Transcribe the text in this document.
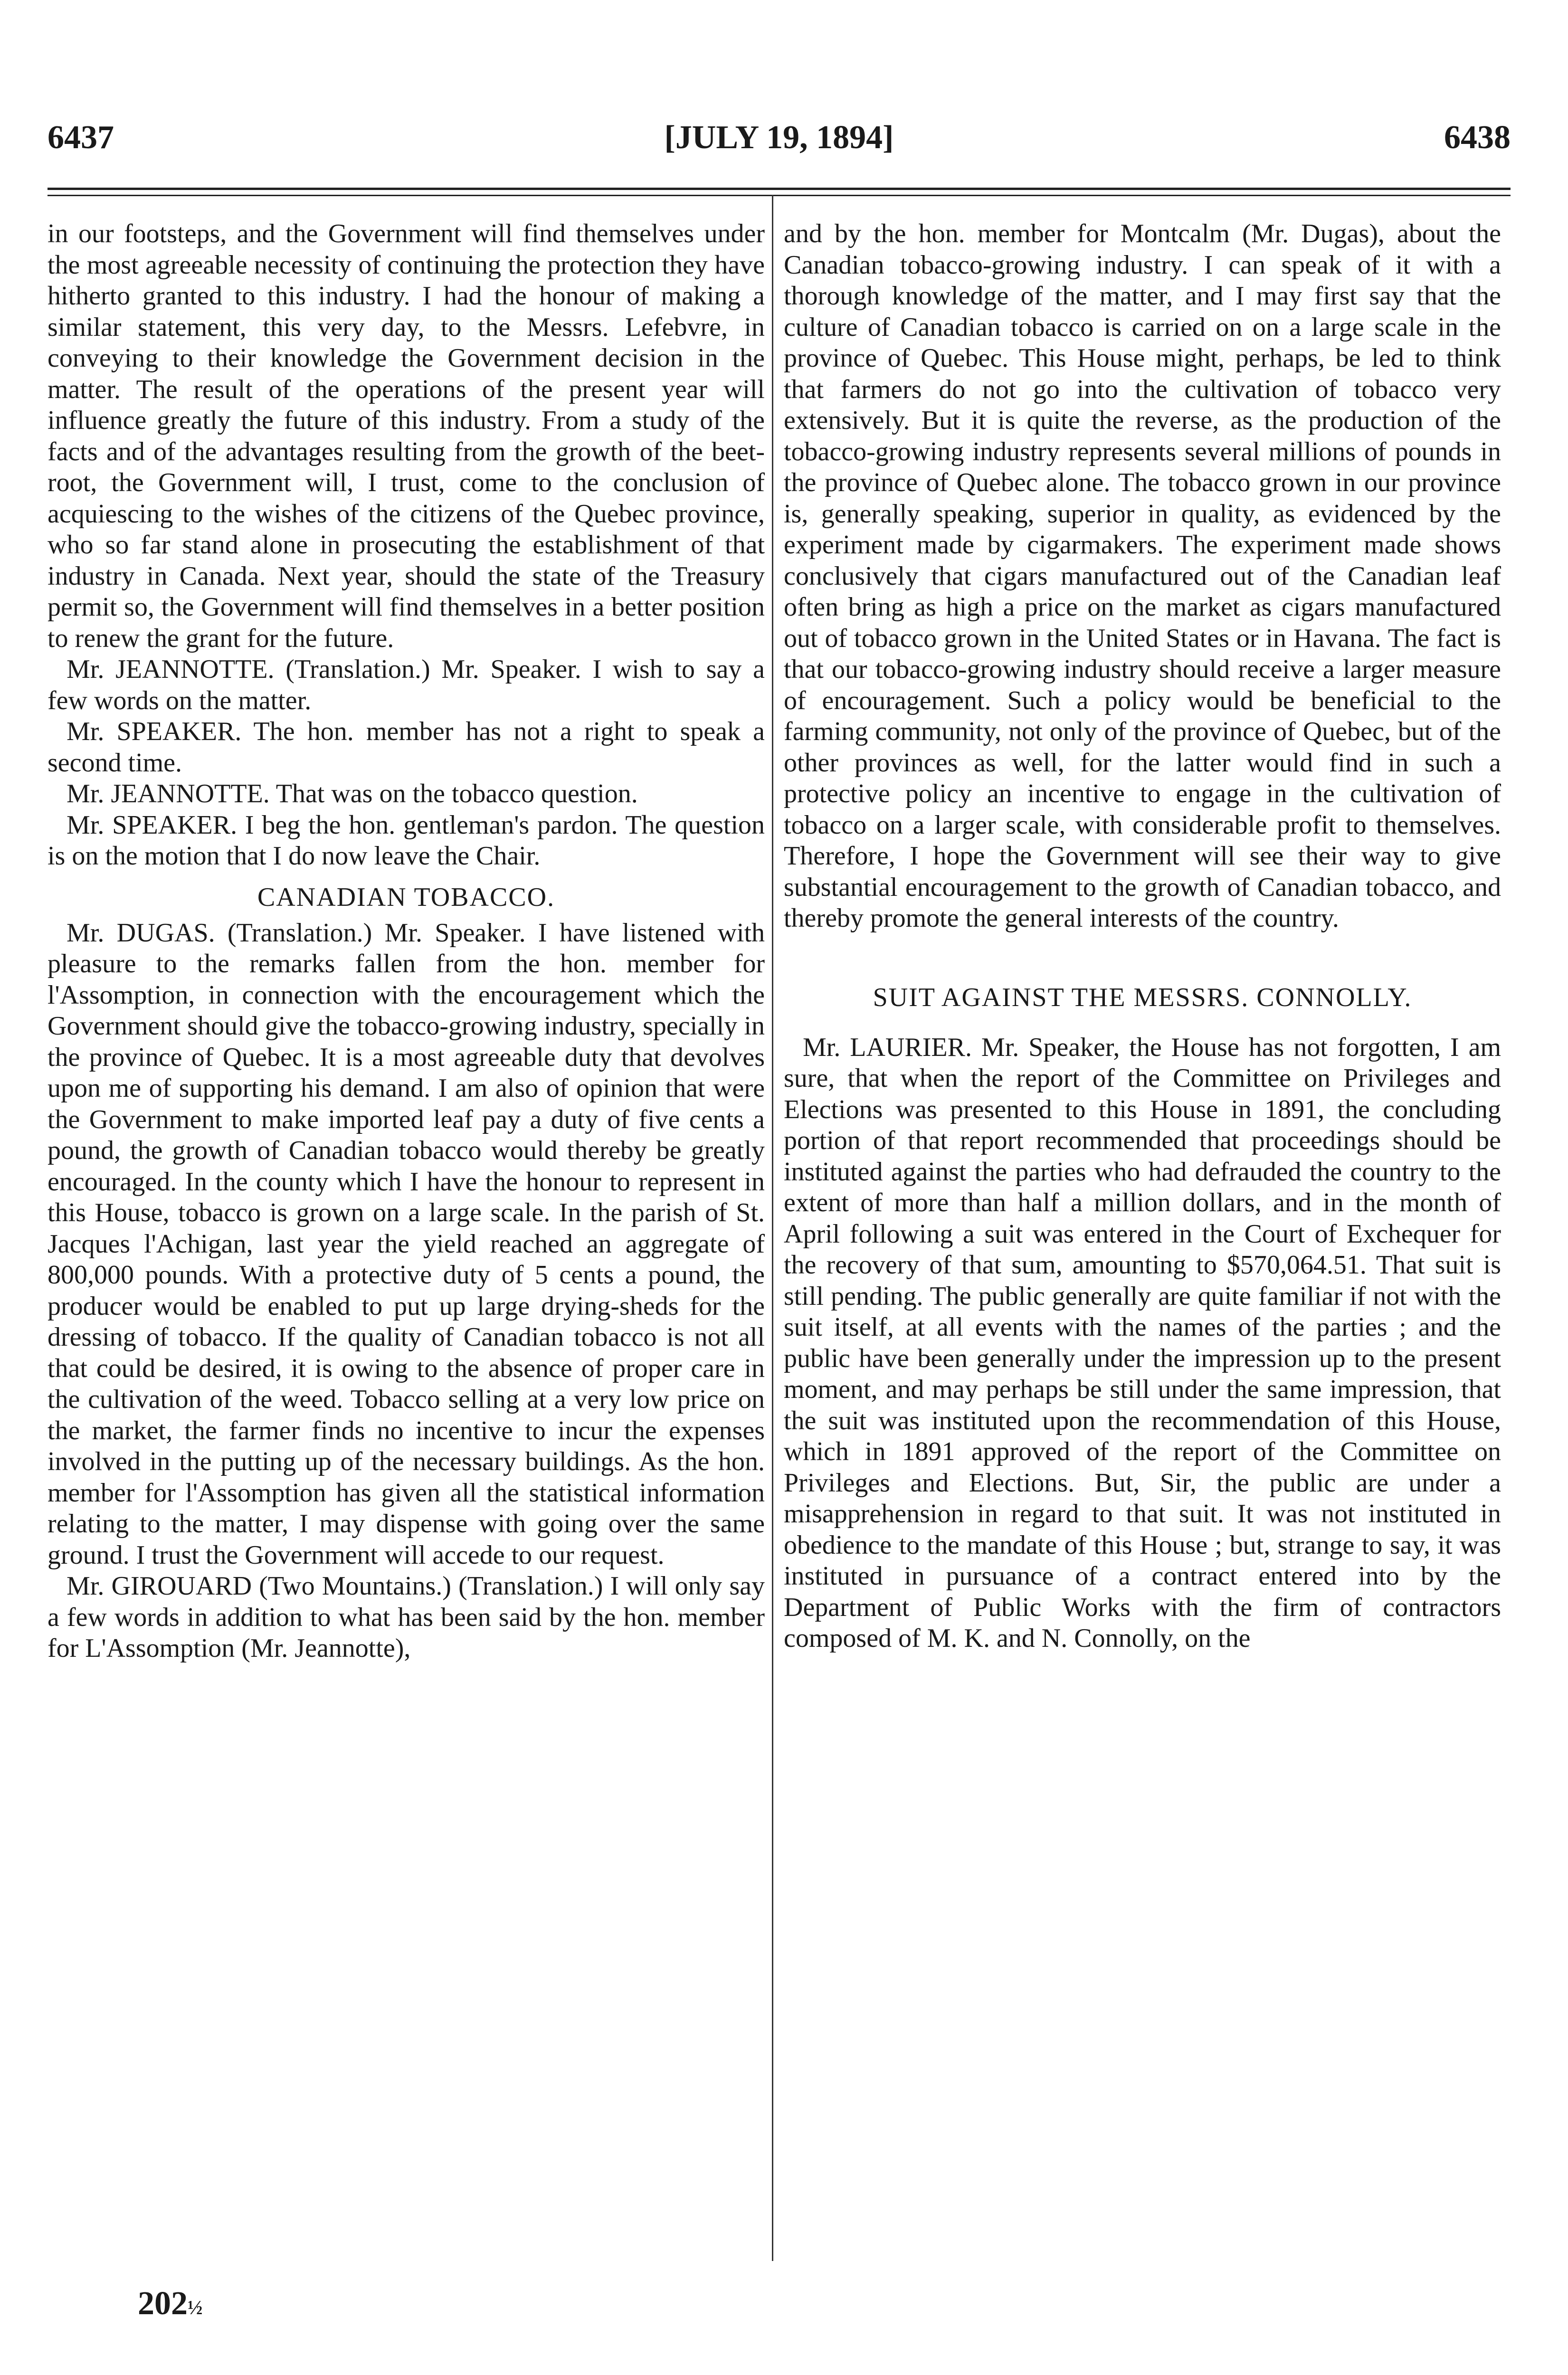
6437	[JULY 19, 1894]	6438

in our footsteps, and the Government will find themselves under the most agreeable necessity of continuing the protection they have hitherto granted to this industry. I had the honour of making a similar statement, this very day, to the Messrs. Lefebvre, in conveying to their knowledge the Government decision in the matter. The result of the operations of the present year will influence greatly the future of this industry. From a study of the facts and of the advantages resulting from the growth of the beet-root, the Government will, I trust, come to the conclusion of acquiescing to the wishes of the citizens of the Quebec province, who so far stand alone in prosecuting the establishment of that industry in Canada. Next year, should the state of the Treasury permit so, the Government will find themselves in a better position to renew the grant for the future.

Mr. JEANNOTTE. (Translation.) Mr. Speaker. I wish to say a few words on the matter.

Mr. SPEAKER. The hon. member has not a right to speak a second time.

Mr. JEANNOTTE. That was on the tobacco question.

Mr. SPEAKER. I beg the hon. gentleman's pardon. The question is on the motion that I do now leave the Chair.

CANADIAN TOBACCO.

Mr. DUGAS. (Translation.) Mr. Speaker. I have listened with pleasure to the remarks fallen from the hon. member for l'Assomption, in connection with the encouragement which the Government should give the tobacco-growing industry, specially in the province of Quebec. It is a most agreeable duty that devolves upon me of supporting his demand. I am also of opinion that were the Government to make imported leaf pay a duty of five cents a pound, the growth of Canadian tobacco would thereby be greatly encouraged. In the county which I have the honour to represent in this House, tobacco is grown on a large scale. In the parish of St. Jacques l'Achigan, last year the yield reached an aggregate of 800,000 pounds. With a protective duty of 5 cents a pound, the producer would be enabled to put up large drying-sheds for the dressing of tobacco. If the quality of Canadian tobacco is not all that could be desired, it is owing to the absence of proper care in the cultivation of the weed. Tobacco selling at a very low price on the market, the farmer finds no incentive to incur the expenses involved in the putting up of the necessary buildings. As the hon. member for l'Assomption has given all the statistical information relating to the matter, I may dispense with going over the same ground. I trust the Government will accede to our request.

Mr. GIROUARD (Two Mountains.) (Translation.) I will only say a few words in addition to what has been said by the hon. member for L'Assomption (Mr. Jeannotte),

and by the hon. member for Montcalm (Mr. Dugas), about the Canadian tobacco-growing industry. I can speak of it with a thorough knowledge of the matter, and I may first say that the culture of Canadian tobacco is carried on on a large scale in the province of Quebec. This House might, perhaps, be led to think that farmers do not go into the cultivation of tobacco very extensively. But it is quite the reverse, as the production of the tobacco-growing industry represents several millions of pounds in the province of Quebec alone. The tobacco grown in our province is, generally speaking, superior in quality, as evidenced by the experiment made by cigarmakers. The experiment made shows conclusively that cigars manufactured out of the Canadian leaf often bring as high a price on the market as cigars manufactured out of tobacco grown in the United States or in Havana. The fact is that our tobacco-growing industry should receive a larger measure of encouragement. Such a policy would be beneficial to the farming community, not only of the province of Quebec, but of the other provinces as well, for the latter would find in such a protective policy an incentive to engage in the cultivation of tobacco on a larger scale, with considerable profit to themselves. Therefore, I hope the Government will see their way to give substantial encouragement to the growth of Canadian tobacco, and thereby promote the general interests of the country.

SUIT AGAINST THE MESSRS. CONNOLLY.

Mr. LAURIER. Mr. Speaker, the House has not forgotten, I am sure, that when the report of the Committee on Privileges and Elections was presented to this House in 1891, the concluding portion of that report recommended that proceedings should be instituted against the parties who had defrauded the country to the extent of more than half a million dollars, and in the month of April following a suit was entered in the Court of Exchequer for the recovery of that sum, amounting to $570,064.51. That suit is still pending. The public generally are quite familiar if not with the suit itself, at all events with the names of the parties ; and the public have been generally under the impression up to the present moment, and may perhaps be still under the same impression, that the suit was instituted upon the recommendation of this House, which in 1891 approved of the report of the Committee on Privileges and Elections. But, Sir, the public are under a misapprehension in regard to that suit. It was not instituted in obedience to the mandate of this House ; but, strange to say, it was instituted in pursuance of a contract entered into by the Department of Public Works with the firm of contractors composed of M. K. and N. Connolly, on the

202½
